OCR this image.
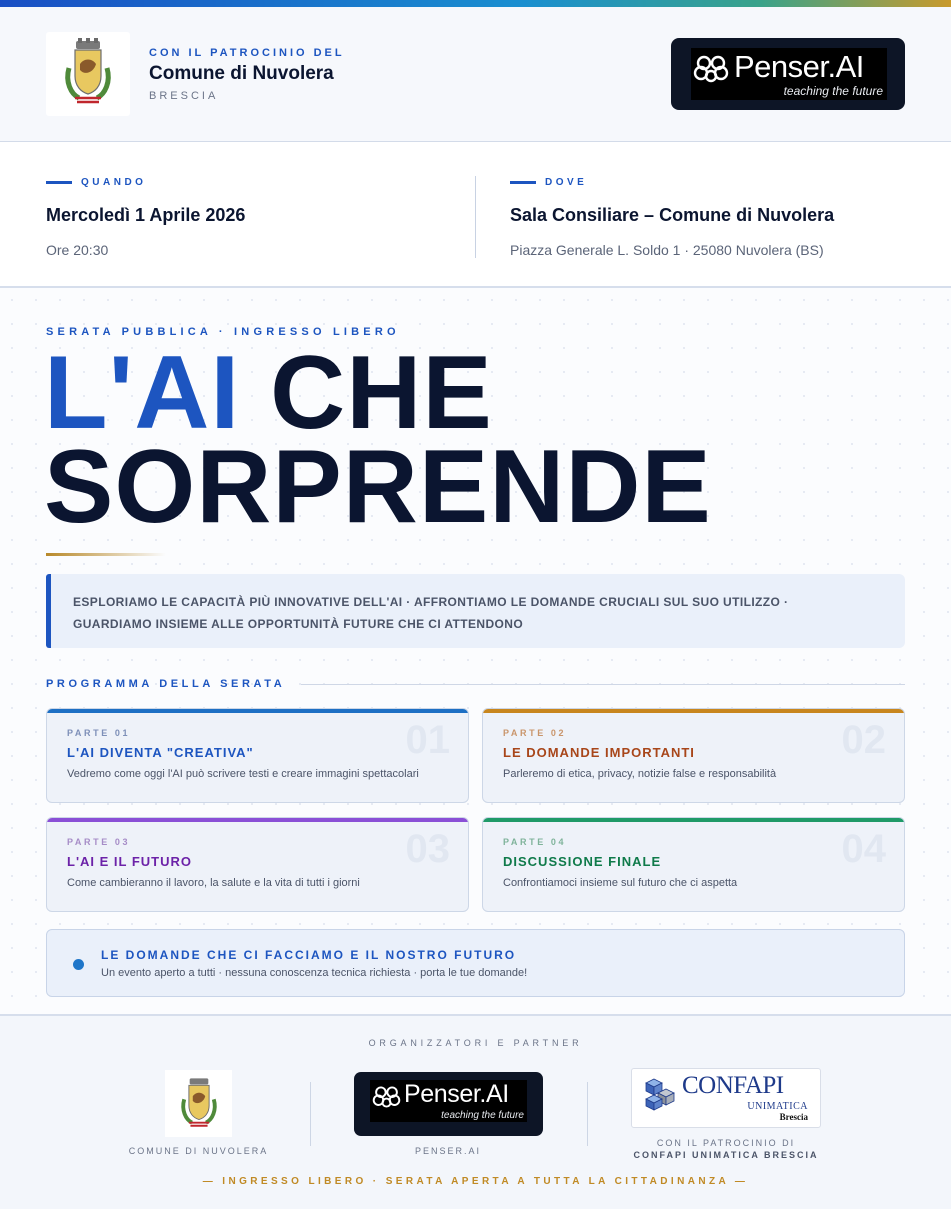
CON IL PATROCINIO DEL
Comune di Nuvolera
BRESCIA
Penser.AI
teaching the future
QUANDO
Mercoledì 1 Aprile 2026
Ore 20:30
DOVE
Sala Consiliare – Comune di Nuvolera
Piazza Generale L. Soldo 1 · 25080 Nuvolera (BS)
SERATA PUBBLICA · INGRESSO LIBERO
L'AI CHE
SORPRENDE
ESPLORIAMO LE CAPACITÀ PIÙ INNOVATIVE DELL'AI · AFFRONTIAMO LE DOMANDE CRUCIALI SUL SUO UTILIZZO ·
GUARDIAMO INSIEME ALLE OPPORTUNITÀ FUTURE CHE CI ATTENDONO
PROGRAMMA DELLA SERATA
01
PARTE 01
L'AI DIVENTA "CREATIVA"
Vedremo come oggi l'AI può scrivere testi e creare immagini spettacolari
02
PARTE 02
LE DOMANDE IMPORTANTI
Parleremo di etica, privacy, notizie false e responsabilità
03
PARTE 03
L'AI E IL FUTURO
Come cambieranno il lavoro, la salute e la vita di tutti i giorni
04
PARTE 04
DISCUSSIONE FINALE
Confrontiamoci insieme sul futuro che ci aspetta
LE DOMANDE CHE CI FACCIAMO E IL NOSTRO FUTURO
Un evento aperto a tutti · nessuna conoscenza tecnica richiesta · porta le tue domande!
ORGANIZZATORI E PARTNER
COMUNE DI NUVOLERA
Penser.AI
teaching the future
PENSER.AI
CONFAPI
UNIMATICA
Brescia
CON IL PATROCINIO DI
CONFAPI UNIMATICA BRESCIA
— INGRESSO LIBERO · SERATA APERTA A TUTTA LA CITTADINANZA —
